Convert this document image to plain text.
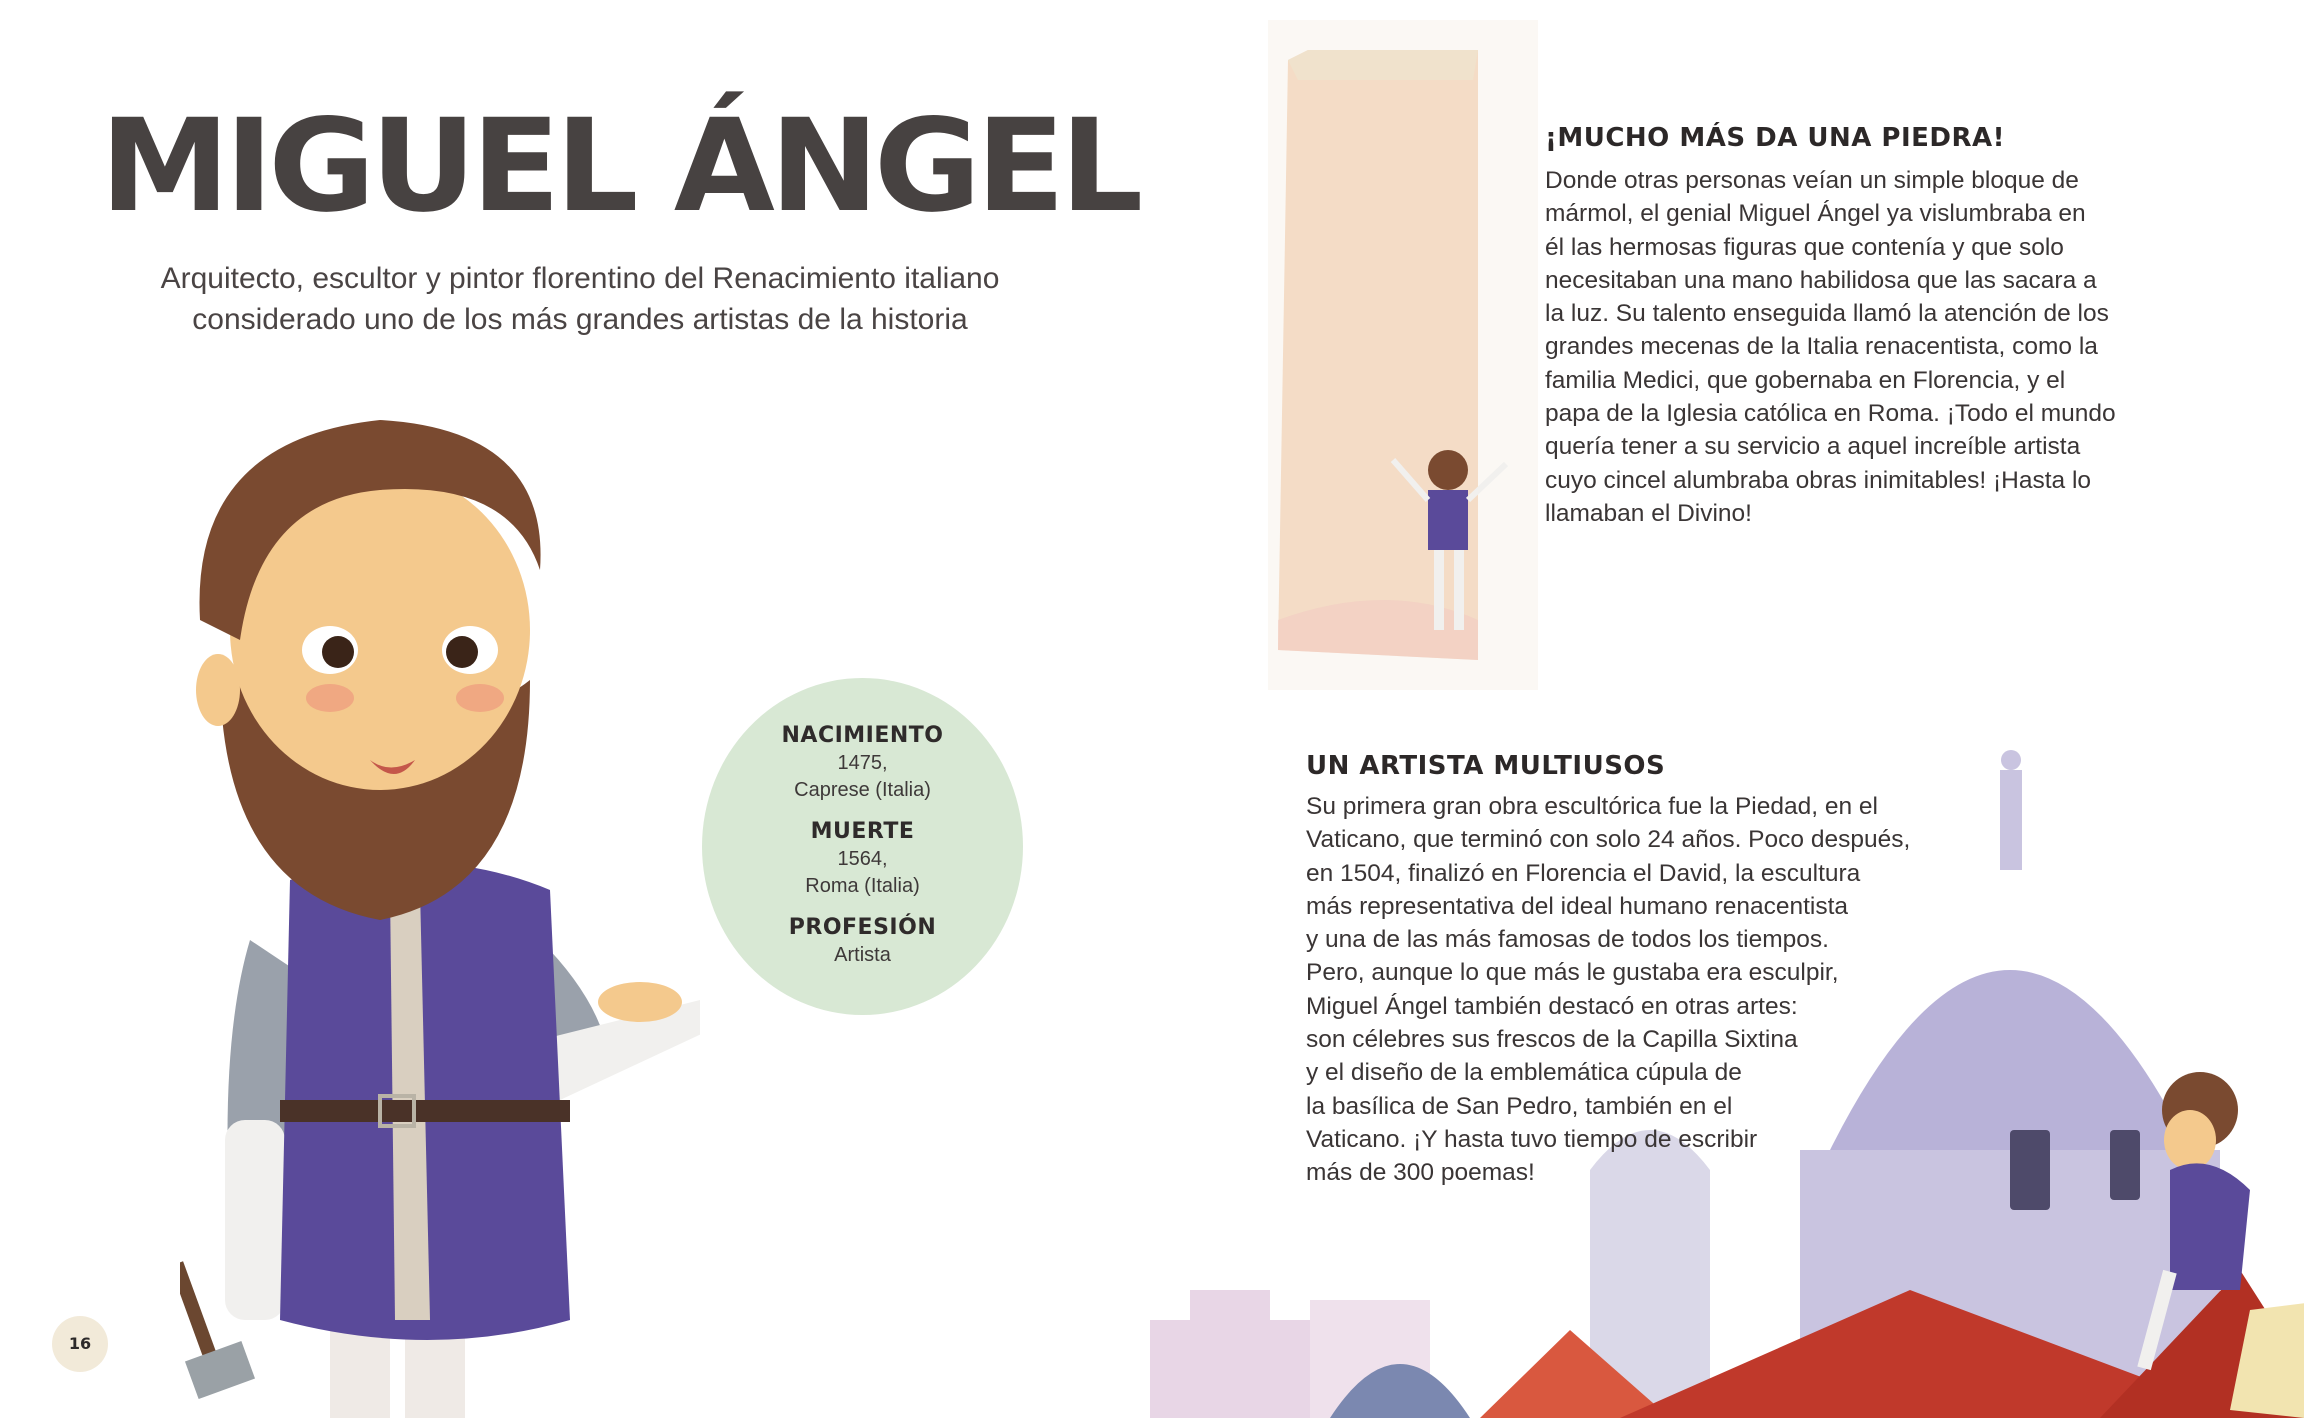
MIGUEL ÁNGEL
Arquitecto, escultor y pintor florentino del Renacimiento italiano
considerado uno de los más grandes artistas de la historia
NACIMIENTO
1475,
Caprese (Italia)
MUERTE
1564,
Roma (Italia)
PROFESIÓN
Artista
16
¡MUCHO MÁS DA UNA PIEDRA!
Donde otras personas veían un simple bloque de
mármol, el genial Miguel Ángel ya vislumbraba en
él las hermosas figuras que contenía y que solo
necesitaban una mano habilidosa que las sacara a
la luz. Su talento enseguida llamó la atención de los
grandes mecenas de la Italia renacentista, como la
familia Medici, que gobernaba en Florencia, y el
papa de la Iglesia católica en Roma. ¡Todo el mundo
quería tener a su servicio a aquel increíble artista
cuyo cincel alumbraba obras inimitables! ¡Hasta lo
llamaban el Divino!
UN ARTISTA MULTIUSOS
Su primera gran obra escultórica fue la Piedad, en el
Vaticano, que terminó con solo 24 años. Poco después,
en 1504, finalizó en Florencia el David, la escultura
más representativa del ideal humano renacentista
y una de las más famosas de todos los tiempos.
Pero, aunque lo que más le gustaba era esculpir,
Miguel Ángel también destacó en otras artes:
son célebres sus frescos de la Capilla Sixtina
y el diseño de la emblemática cúpula de
la basílica de San Pedro, también en el
Vaticano. ¡Y hasta tuvo tiempo de escribir
más de 300 poemas!
